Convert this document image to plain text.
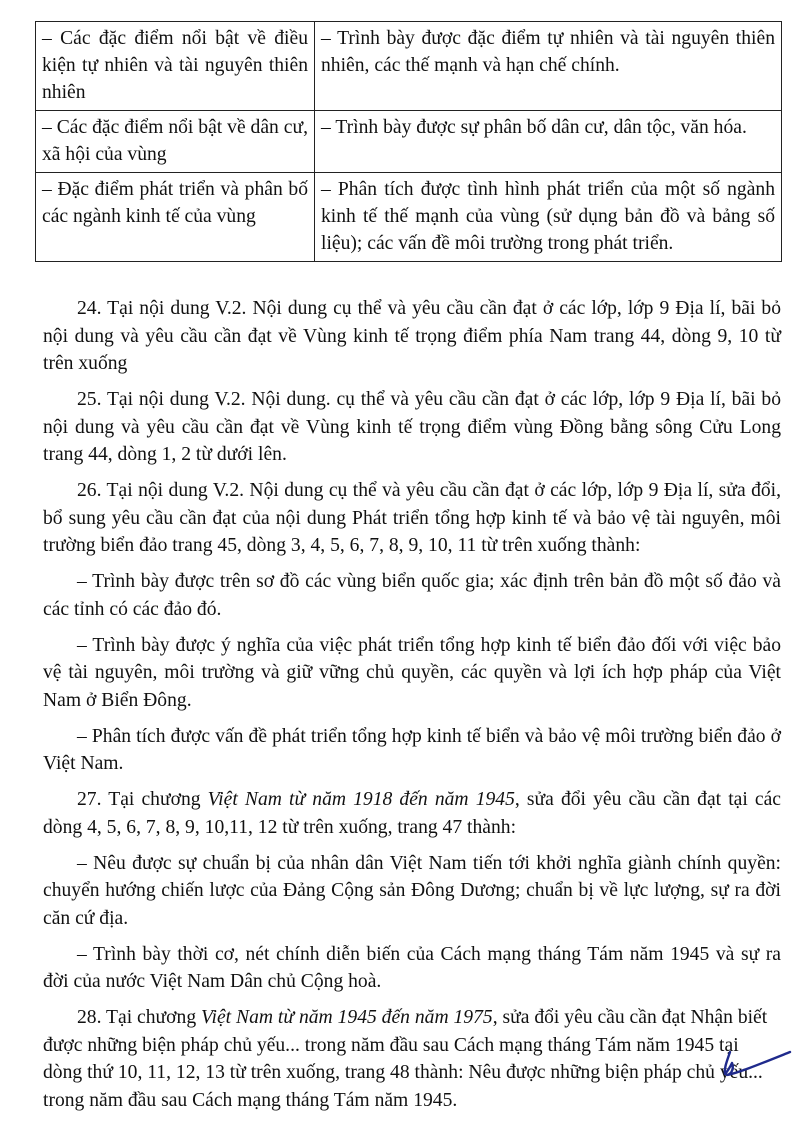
– Các đặc điểm nổi bật về điều kiện tự nhiên và tài nguyên thiên nhiên	– Trình bày được đặc điểm tự nhiên và tài nguyên thiên nhiên, các thế mạnh và hạn chế chính.
– Các đặc điểm nổi bật về dân cư, xã hội của vùng	– Trình bày được sự phân bố dân cư, dân tộc, văn hóa.
– Đặc điểm phát triển và phân bố các ngành kinh tế của vùng	– Phân tích được tình hình phát triển của một số ngành kinh tế thế mạnh của vùng (sử dụng bản đồ và bảng số liệu); các vấn đề môi trường trong phát triển.

24. Tại nội dung V.2. Nội dung cụ thể và yêu cầu cần đạt ở các lớp, lớp 9 Địa lí, bãi bỏ nội dung và yêu cầu cần đạt về Vùng kinh tế trọng điểm phía Nam trang 44, dòng 9, 10 từ trên xuống

25. Tại nội dung V.2. Nội dung. cụ thể và yêu cầu cần đạt ở các lớp, lớp 9 Địa lí, bãi bỏ nội dung và yêu cầu cần đạt về Vùng kinh tế trọng điểm vùng Đồng bằng sông Cửu Long trang 44, dòng 1, 2 từ dưới lên.

26. Tại nội dung V.2. Nội dung cụ thể và yêu cầu cần đạt ở các lớp, lớp 9 Địa lí, sửa đổi, bổ sung yêu cầu cần đạt của nội dung Phát triển tổng hợp kinh tế và bảo vệ tài nguyên, môi trường biển đảo trang 45, dòng 3, 4, 5, 6, 7, 8, 9, 10, 11 từ trên xuống thành:

– Trình bày được trên sơ đồ các vùng biển quốc gia; xác định trên bản đồ một số đảo và các tỉnh có các đảo đó.

– Trình bày được ý nghĩa của việc phát triển tổng hợp kinh tế biển đảo đối với việc bảo vệ tài nguyên, môi trường và giữ vững chủ quyền, các quyền và lợi ích hợp pháp của Việt Nam ở Biển Đông.

– Phân tích được vấn đề phát triển tổng hợp kinh tế biển và bảo vệ môi trường biển đảo ở Việt Nam.

27. Tại chương Việt Nam từ năm 1918 đến năm 1945, sửa đổi yêu cầu cần đạt tại các dòng 4, 5, 6, 7, 8, 9, 10,11, 12 từ trên xuống, trang 47 thành:

– Nêu được sự chuẩn bị của nhân dân Việt Nam tiến tới khởi nghĩa giành chính quyền: chuyển hướng chiến lược của Đảng Cộng sản Đông Dương; chuẩn bị về lực lượng, sự ra đời căn cứ địa.

– Trình bày thời cơ, nét chính diễn biến của Cách mạng tháng Tám năm 1945 và sự ra đời của nước Việt Nam Dân chủ Cộng hoà.

28. Tại chương Việt Nam từ năm 1945 đến năm 1975, sửa đổi yêu cầu cần đạt Nhận biết được những biện pháp chủ yếu... trong năm đầu sau Cách mạng tháng Tám năm 1945 tại dòng thứ 10, 11, 12, 13 từ trên xuống, trang 48 thành: Nêu được những biện pháp chủ yếu... trong năm đầu sau Cách mạng tháng Tám năm 1945.
